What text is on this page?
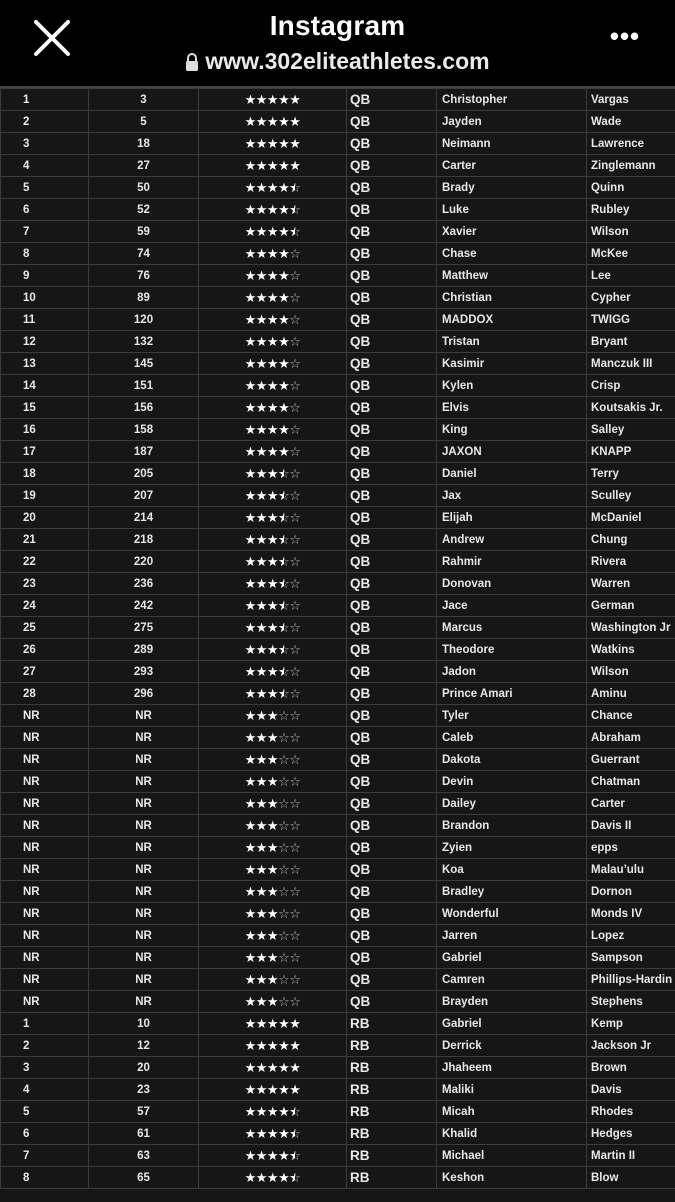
Instagram
www.302eliteathletes.com
•••
1	3	★★★★★	QB	Christopher	Vargas
2	5	★★★★★	QB	Jayden	Wade
3	18	★★★★★	QB	Neimann	Lawrence
4	27	★★★★★	QB	Carter	Zinglemann
5	50	★★★★★ ☆	QB	Brady	Quinn
6	52	★★★★★ ☆	QB	Luke	Rubley
7	59	★★★★★ ☆	QB	Xavier	Wilson
8	74	★★★★☆	QB	Chase	McKee
9	76	★★★★☆	QB	Matthew	Lee
10	89	★★★★☆	QB	Christian	Cypher
11	120	★★★★☆	QB	MADDOX	TWIGG
12	132	★★★★☆	QB	Tristan	Bryant
13	145	★★★★☆	QB	Kasimir	Manczuk III
14	151	★★★★☆	QB	Kylen	Crisp
15	156	★★★★☆	QB	Elvis	Koutsakis Jr.
16	158	★★★★☆	QB	King	Salley
17	187	★★★★☆	QB	JAXON	KNAPP
18	205	★★★★ ☆☆	QB	Daniel	Terry
19	207	★★★★ ☆☆	QB	Jax	Sculley
20	214	★★★★ ☆☆	QB	Elijah	McDaniel
21	218	★★★★ ☆☆	QB	Andrew	Chung
22	220	★★★★ ☆☆	QB	Rahmir	Rivera
23	236	★★★★ ☆☆	QB	Donovan	Warren
24	242	★★★★ ☆☆	QB	Jace	German
25	275	★★★★ ☆☆	QB	Marcus	Washington Jr
26	289	★★★★ ☆☆	QB	Theodore	Watkins
27	293	★★★★ ☆☆	QB	Jadon	Wilson
28	296	★★★★ ☆☆	QB	Prince Amari	Aminu
NR	NR	★★★☆☆	QB	Tyler	Chance
NR	NR	★★★☆☆	QB	Caleb	Abraham
NR	NR	★★★☆☆	QB	Dakota	Guerrant
NR	NR	★★★☆☆	QB	Devin	Chatman
NR	NR	★★★☆☆	QB	Dailey	Carter
NR	NR	★★★☆☆	QB	Brandon	Davis II
NR	NR	★★★☆☆	QB	Zyien	epps
NR	NR	★★★☆☆	QB	Koa	Malau’ulu
NR	NR	★★★☆☆	QB	Bradley	Dornon
NR	NR	★★★☆☆	QB	Wonderful	Monds IV
NR	NR	★★★☆☆	QB	Jarren	Lopez
NR	NR	★★★☆☆	QB	Gabriel	Sampson
NR	NR	★★★☆☆	QB	Camren	Phillips-Hardin
NR	NR	★★★☆☆	QB	Brayden	Stephens
1	10	★★★★★	RB	Gabriel	Kemp
2	12	★★★★★	RB	Derrick	Jackson Jr
3	20	★★★★★	RB	Jhaheem	Brown
4	23	★★★★★	RB	Maliki	Davis
5	57	★★★★★ ☆	RB	Micah	Rhodes
6	61	★★★★★ ☆	RB	Khalid	Hedges
7	63	★★★★★ ☆	RB	Michael	Martin II
8	65	★★★★★ ☆	RB	Keshon	Blow
